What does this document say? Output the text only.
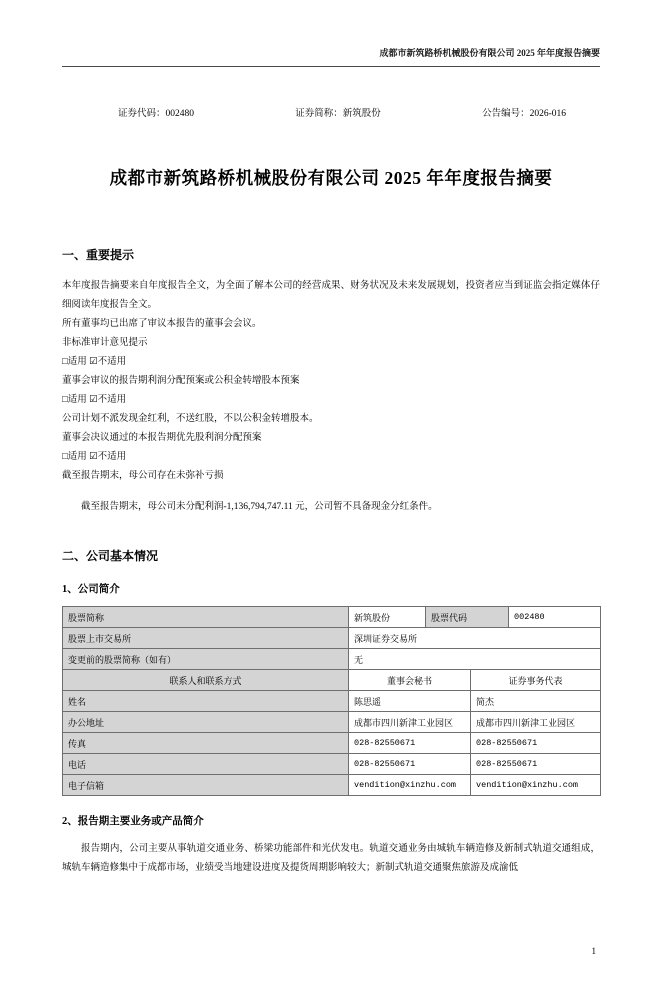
成都市新筑路桥机械股份有限公司 2025 年年度报告摘要
证券代码：002480	证券简称：新筑股份	公告编号：2026-016
成都市新筑路桥机械股份有限公司 2025 年年度报告摘要
一、重要提示

本年度报告摘要来自年度报告全文，为全面了解本公司的经营成果、财务状况及未来发展规划，投资者应当到证监会指定媒体仔细阅读年度报告全文。

所有董事均已出席了审议本报告的董事会会议。

非标准审计意见提示

□适用 ☑不适用

董事会审议的报告期利润分配预案或公积金转增股本预案

□适用 ☑不适用

公司计划不派发现金红利，不送红股，不以公积金转增股本。

董事会决议通过的本报告期优先股利润分配预案

□适用 ☑不适用

截至报告期末，母公司存在未弥补亏损

截至报告期末，母公司未分配利润-1,136,794,747.11 元，公司暂不具备现金分红条件。

二、公司基本情况
1、公司简介
股票简称	新筑股份	股票代码		002480
股票上市交易所	深圳证券交易所			
变更前的股票简称（如有）	无			
联系人和联系方式	董事会秘书		证券事务代表	
姓名	陈思遥		简杰	
办公地址	成都市四川新津工业园区		成都市四川新津工业园区	
传真	028-82550671		028-82550671	
电话	028-82550671		028-82550671	
电子信箱	vendition@xinzhu.com		vendition@xinzhu.com	
2、报告期主要业务或产品简介

报告期内，公司主要从事轨道交通业务、桥梁功能部件和光伏发电。轨道交通业务由城轨车辆造修及新制式轨道交通组成，城轨车辆造修集中于成都市场，业绩受当地建设进度及提货周期影响较大；新制式轨道交通聚焦旅游及成渝低

1
